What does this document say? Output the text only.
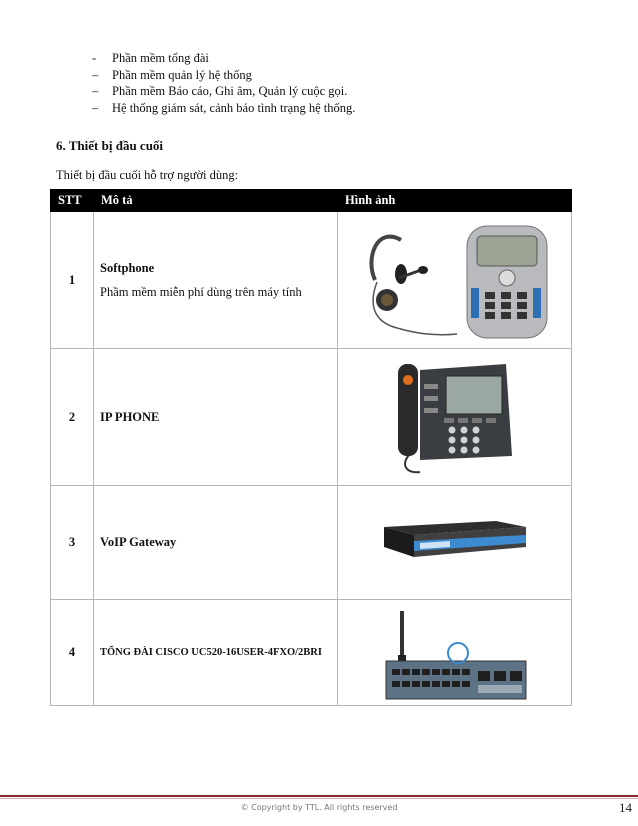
- Phần mềm tổng đài
– Phần mềm quản lý hệ thống
– Phần mềm Báo cáo, Ghi âm, Quản lý cuộc gọi.
– Hệ thống giám sát, cảnh báo tình trạng hệ thống.

6. Thiết bị đầu cuối

Thiết bị đầu cuối hỗ trợ người dùng:

STT	Mô tả	Hình ảnh
1	Softphone
Phầm mềm miễn phí dùng trên máy tính

2	IP PHONE

3	VoIP Gateway

4	TỔNG ĐÀI CISCO UC520-16USER-4FXO/2BRI

© Copyright by TTL. All rights reserved	14
